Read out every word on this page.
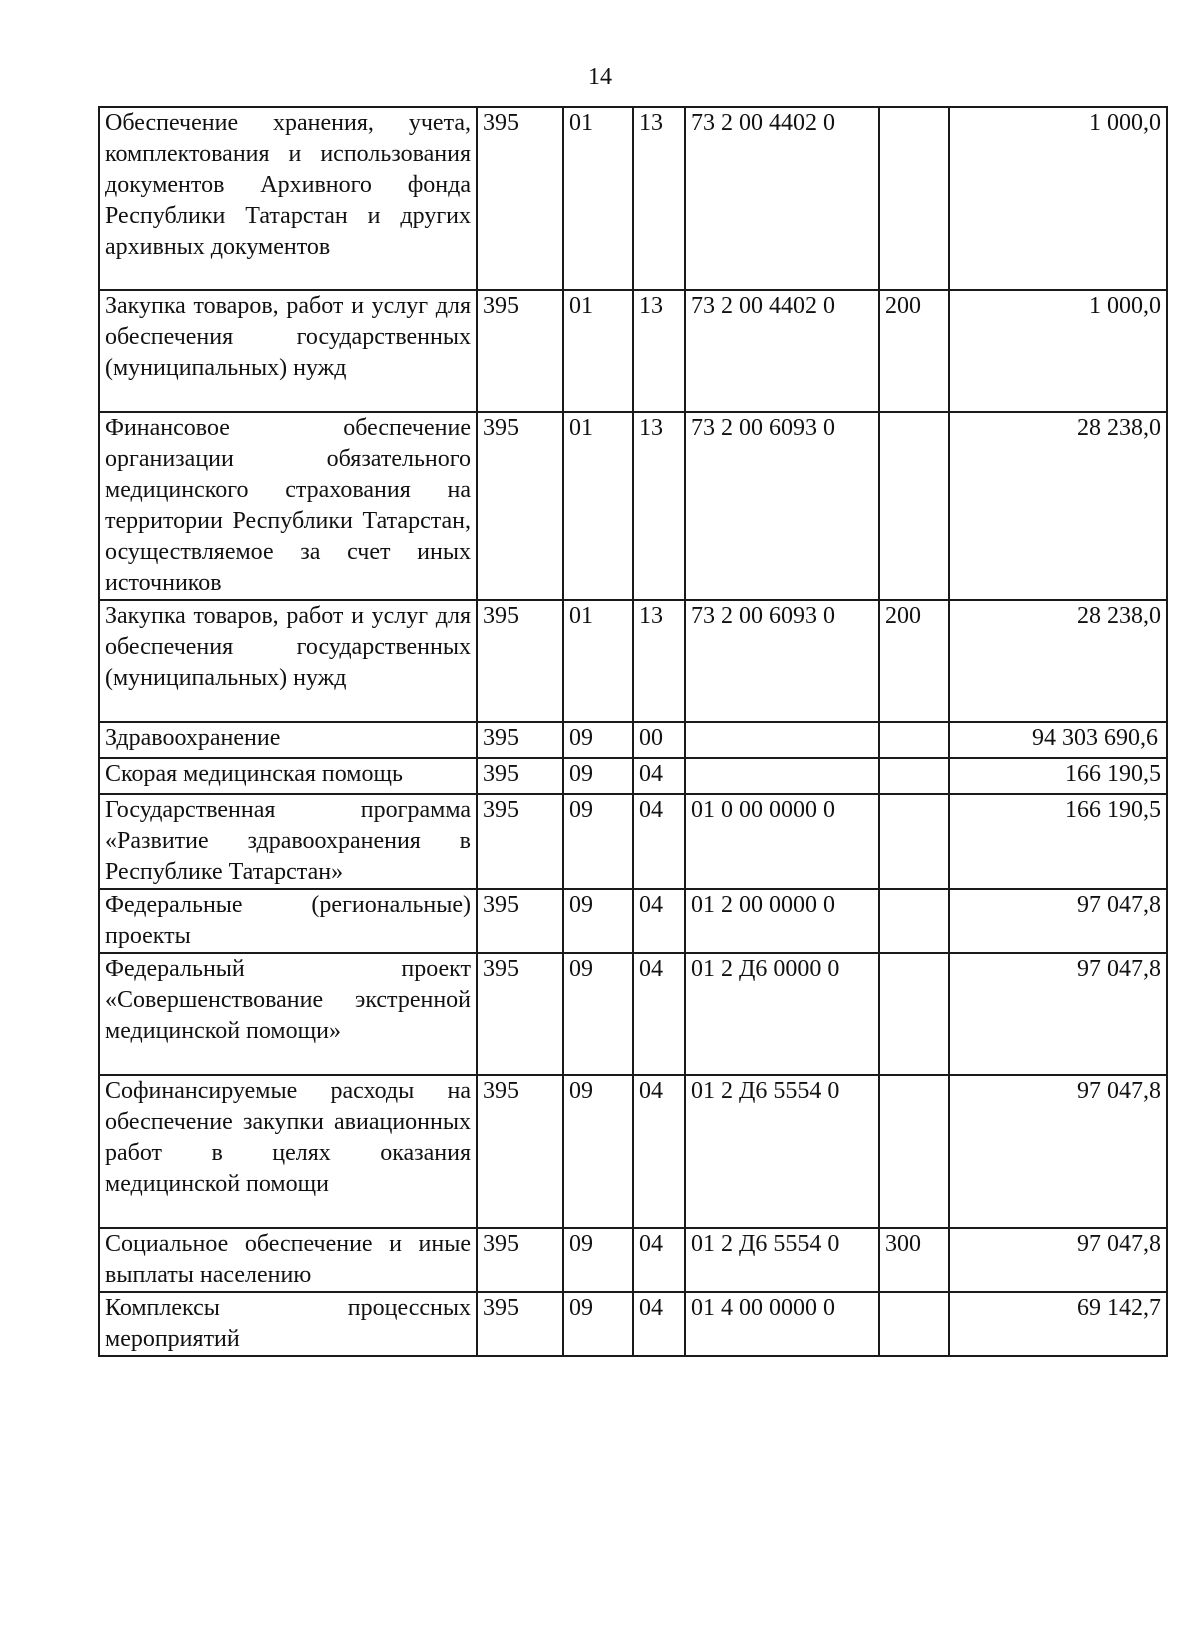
14
Обеспечение хранения, учета, комплектования и использования документов Архивного фонда Республики Татарстан и других архивных документов	395	01	13	73 2 00 4402 0		1 000,0
Закупка товаров, работ и услуг для обеспечения государственных (муниципальных) нужд	395	01	13	73 2 00 4402 0	200	1 000,0
Финансовое обеспечение организации обязательного медицинского страхования на территории Республики Татарстан, осуществляемое за счет иных источников	395	01	13	73 2 00 6093 0		28 238,0
Закупка товаров, работ и услуг для обеспечения государственных (муниципальных) нужд	395	01	13	73 2 00 6093 0	200	28 238,0
Здравоохранение	395	09	00			94 303 690,6
Скорая медицинская помощь	395	09	04			166 190,5
Государственная программа «Развитие здравоохранения в Республике Татарстан»	395	09	04	01 0 00 0000 0		166 190,5
Федеральные (региональные) проекты	395	09	04	01 2 00 0000 0		97 047,8
Федеральный проект «Совершенствование экстренной медицинской помощи»	395	09	04	01 2 Д6 0000 0		97 047,8
Софинансируемые расходы на обеспечение закупки авиационных работ в целях оказания медицинской помощи	395	09	04	01 2 Д6 5554 0		97 047,8
Социальное обеспечение и иные выплаты населению	395	09	04	01 2 Д6 5554 0	300	97 047,8
Комплексы процессных мероприятий	395	09	04	01 4 00 0000 0		69 142,7
